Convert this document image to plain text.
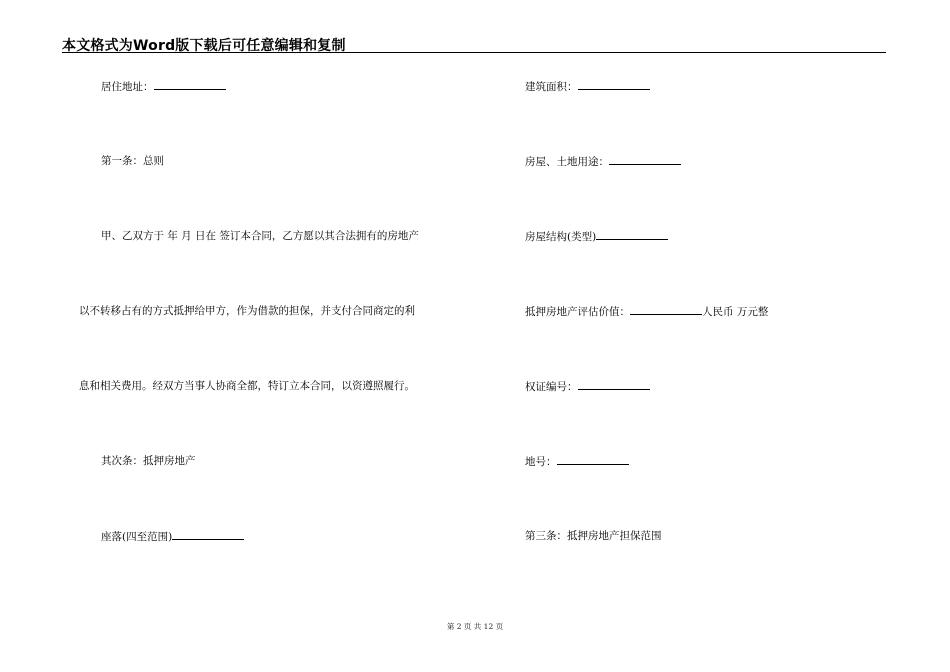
本文格式为Word版下载后可任意编辑和复制
居住地址：
第一条：总则
甲、乙双方于 年 月 日在 签订本合同，乙方愿以其合法拥有的房地产
以不转移占有的方式抵押给甲方，作为借款的担保，并支付合同商定的利
息和相关费用。经双方当事人协商全都，特订立本合同，以资遵照履行。
其次条：抵押房地产
座落(四至范围)
建筑面积：
房屋、土地用途：
房屋结构(类型)
抵押房地产评估价值：	人民币 万元整
权证编号：
地号：
第三条：抵押房地产担保范围
第 2 页 共 12 页
